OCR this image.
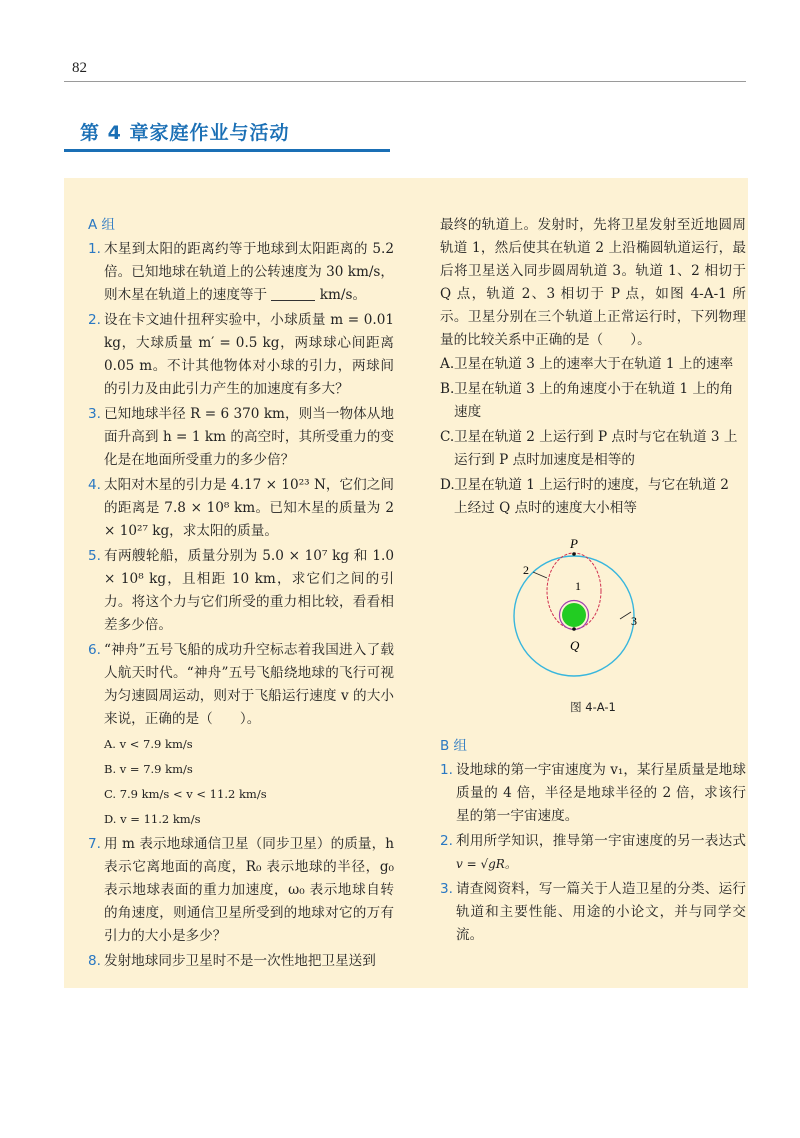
82
第 4 章家庭作业与活动
A 组
1. 木星到太阳的距离约等于地球到太阳距离的 5.2 倍。已知地球在轨道上的公转速度为 30 km/s，则木星在轨道上的速度等于	km/s。
2. 设在卡文迪什扭秤实验中，小球质量 m = 0.01 kg，大球质量 m′ = 0.5 kg，两球球心间距离 0.05 m。不计其他物体对小球的引力，两球间的引力及由此引力产生的加速度有多大？
3. 已知地球半径 R = 6 370 km，则当一物体从地面升高到 h = 1 km 的高空时，其所受重力的变化是在地面所受重力的多少倍？
4. 太阳对木星的引力是 4.17 × 10²³ N，它们之间的距离是 7.8 × 10⁸ km。已知木星的质量为 2 × 10²⁷ kg，求太阳的质量。
5. 有两艘轮船，质量分别为 5.0 × 10⁷ kg 和 1.0 × 10⁸ kg，且相距 10 km，求它们之间的引力。将这个力与它们所受的重力相比较，看看相差多少倍。
6. “神舟”五号飞船的成功升空标志着我国进入了载人航天时代。“神舟”五号飞船绕地球的飞行可视为匀速圆周运动，则对于飞船运行速度 v 的大小来说，正确的是（　　）。
A. v < 7.9 km/s
B. v = 7.9 km/s
C. 7.9 km/s < v < 11.2 km/s
D. v = 11.2 km/s
7. 用 m 表示地球通信卫星（同步卫星）的质量，h 表示它离地面的高度，R₀ 表示地球的半径，g₀ 表示地球表面的重力加速度，ω₀ 表示地球自转的角速度，则通信卫星所受到的地球对它的万有引力的大小是多少？
8. 发射地球同步卫星时不是一次性地把卫星送到
最终的轨道上。发射时，先将卫星发射至近地圆周轨道 1，然后使其在轨道 2 上沿椭圆轨道运行，最后将卫星送入同步圆周轨道 3。轨道 1、2 相切于 Q 点，轨道 2、3 相切于 P 点，如图 4-A-1 所示。卫星分别在三个轨道上正常运行时，下列物理量的比较关系中正确的是（　　）。
A. 卫星在轨道 3 上的速率大于在轨道 1 上的速率
B. 卫星在轨道 3 上的角速度小于在轨道 1 上的角速度
C. 卫星在轨道 2 上运行到 P 点时与它在轨道 3 上运行到 P 点时加速度是相等的
D. 卫星在轨道 1 上运行时的速度，与它在轨道 2 上经过 Q 点时的速度大小相等
P
Q
1
2
3
图 4-A-1
B 组
1. 设地球的第一宇宙速度为 v₁，某行星质量是地球质量的 4 倍，半径是地球半径的 2 倍，求该行星的第一宇宙速度。
2. 利用所学知识，推导第一宇宙速度的另一表达式 v = √gR。
3. 请查阅资料，写一篇关于人造卫星的分类、运行轨道和主要性能、用途的小论文，并与同学交流。
